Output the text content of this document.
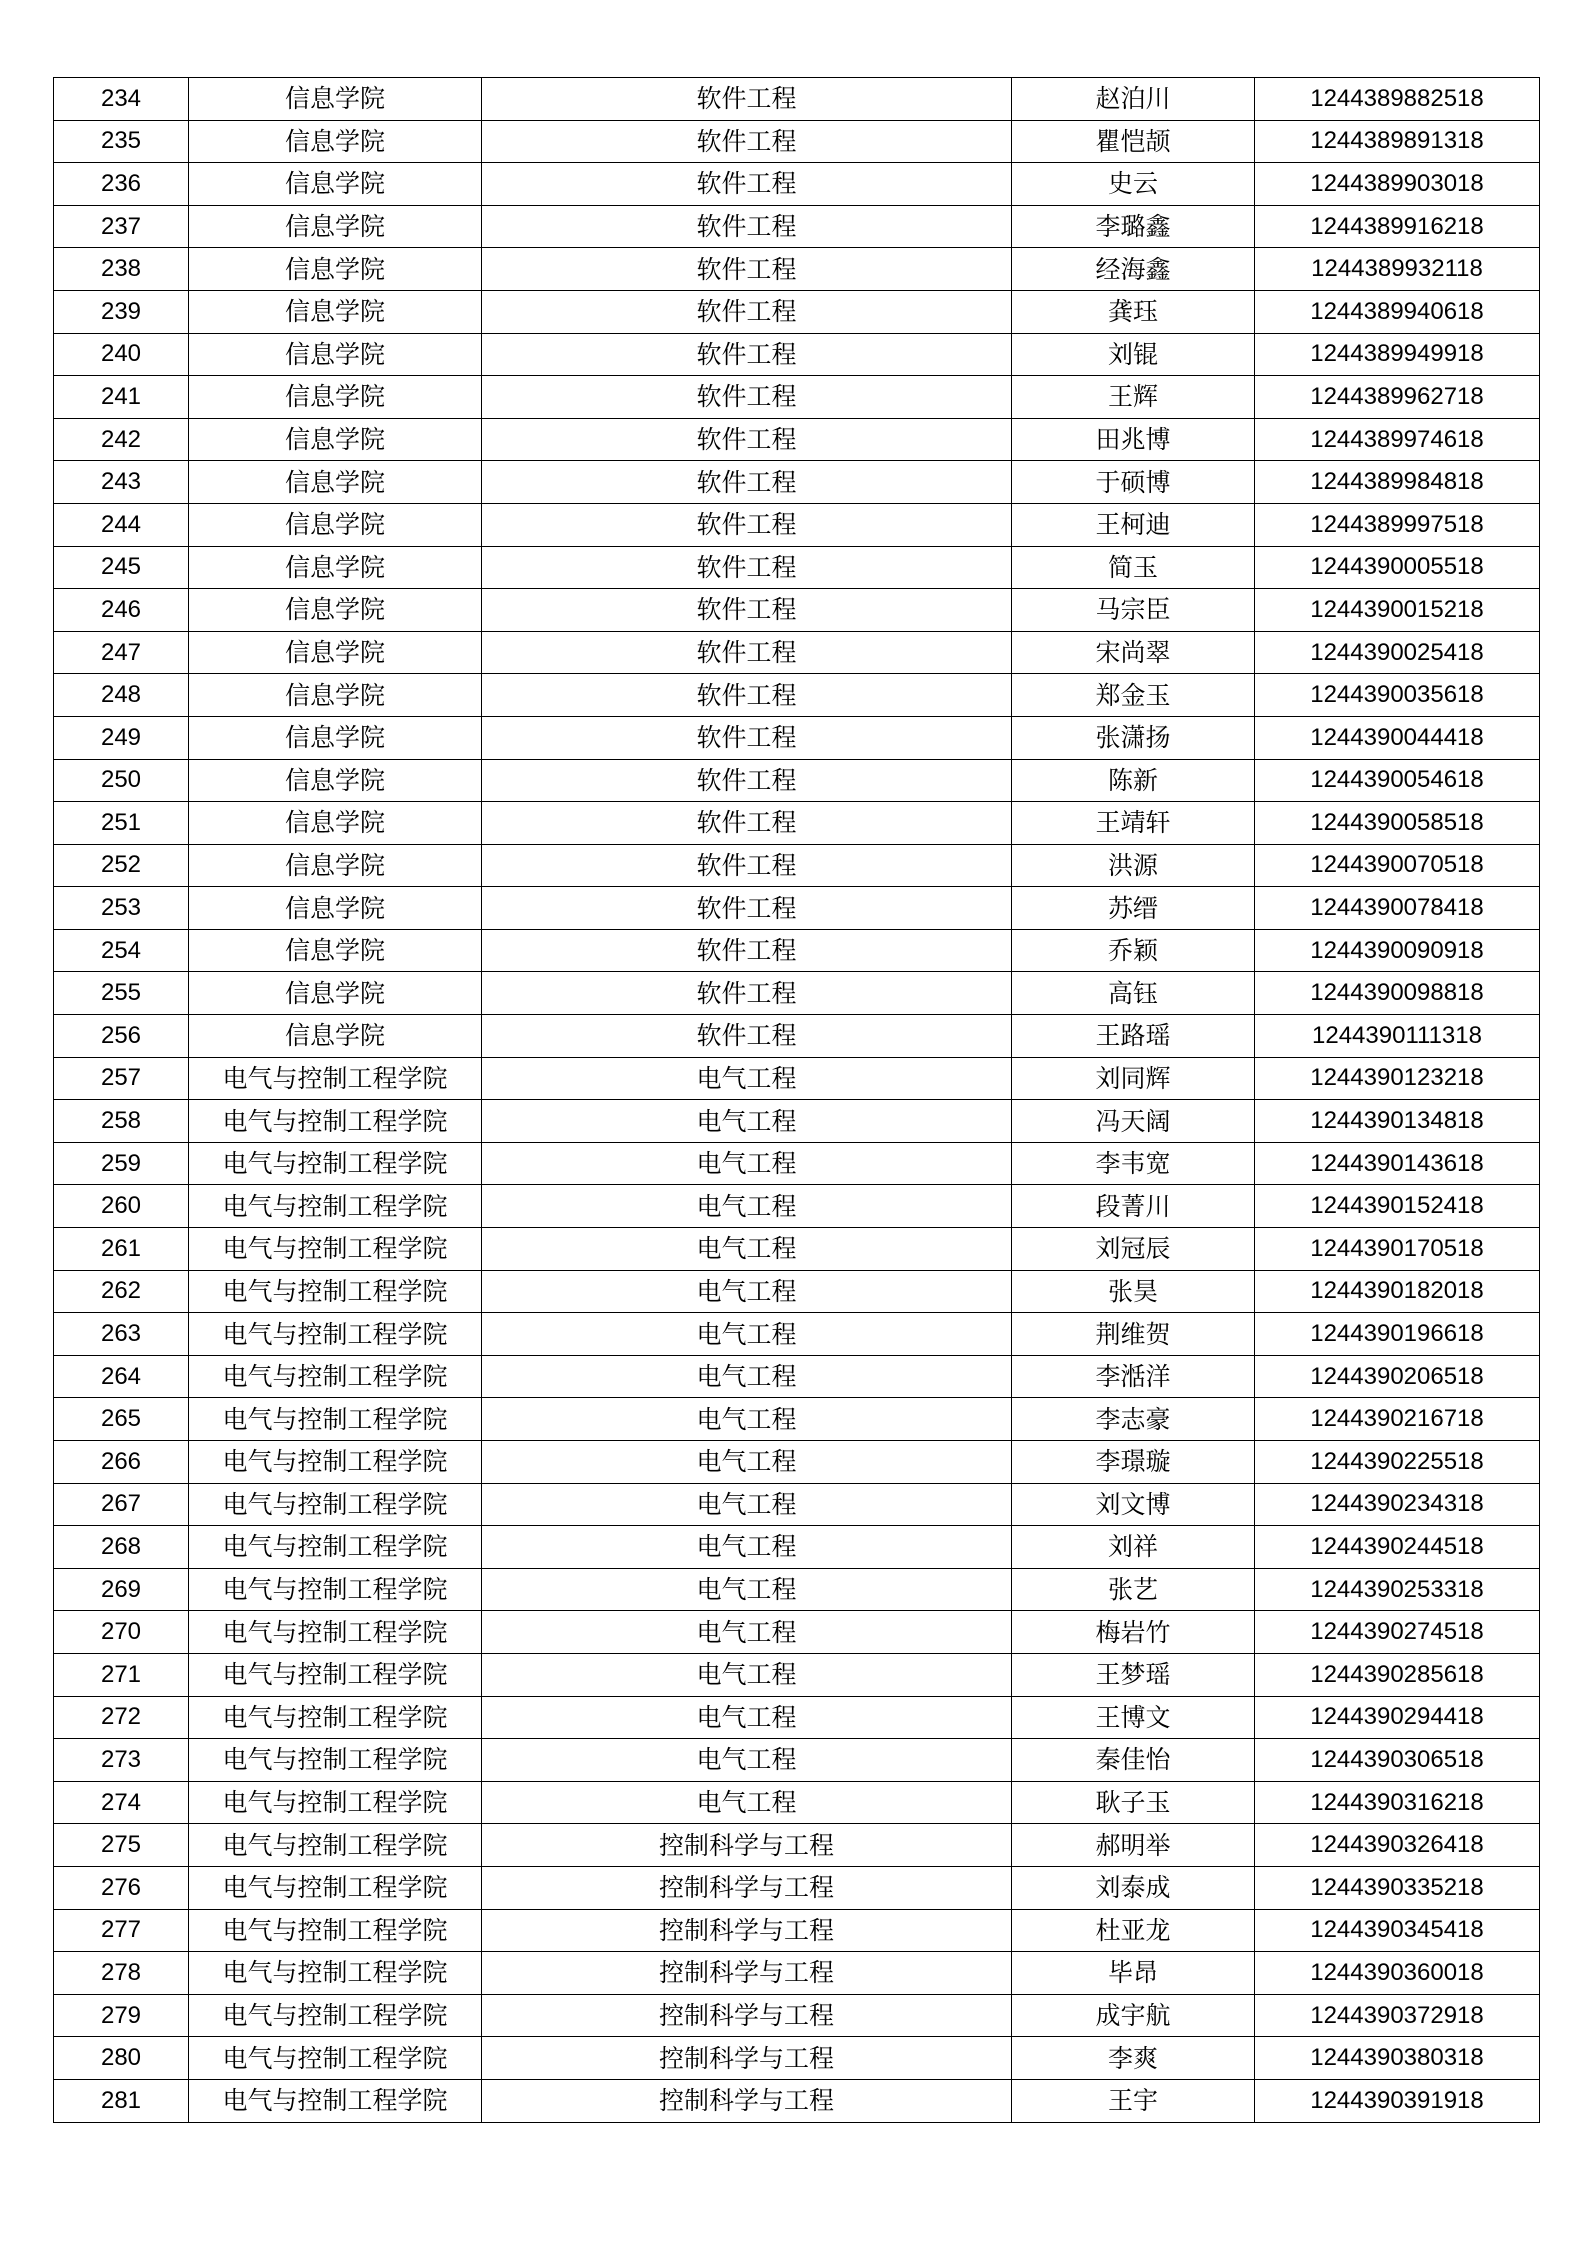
234	信息学院	软件工程	赵泊川	1244389882518
235	信息学院	软件工程	瞿恺颉	1244389891318
236	信息学院	软件工程	史云	1244389903018
237	信息学院	软件工程	李璐鑫	1244389916218
238	信息学院	软件工程	经海鑫	1244389932118
239	信息学院	软件工程	龚珏	1244389940618
240	信息学院	软件工程	刘锟	1244389949918
241	信息学院	软件工程	王辉	1244389962718
242	信息学院	软件工程	田兆博	1244389974618
243	信息学院	软件工程	于硕博	1244389984818
244	信息学院	软件工程	王柯迪	1244389997518
245	信息学院	软件工程	简玉	1244390005518
246	信息学院	软件工程	马宗臣	1244390015218
247	信息学院	软件工程	宋尚翠	1244390025418
248	信息学院	软件工程	郑金玉	1244390035618
249	信息学院	软件工程	张潇扬	1244390044418
250	信息学院	软件工程	陈新	1244390054618
251	信息学院	软件工程	王靖轩	1244390058518
252	信息学院	软件工程	洪源	1244390070518
253	信息学院	软件工程	苏缙	1244390078418
254	信息学院	软件工程	乔颖	1244390090918
255	信息学院	软件工程	高钰	1244390098818
256	信息学院	软件工程	王路瑶	1244390111318
257	电气与控制工程学院	电气工程	刘同辉	1244390123218
258	电气与控制工程学院	电气工程	冯天阔	1244390134818
259	电气与控制工程学院	电气工程	李韦宽	1244390143618
260	电气与控制工程学院	电气工程	段菁川	1244390152418
261	电气与控制工程学院	电气工程	刘冠辰	1244390170518
262	电气与控制工程学院	电气工程	张昊	1244390182018
263	电气与控制工程学院	电气工程	荆维贺	1244390196618
264	电气与控制工程学院	电气工程	李湉洋	1244390206518
265	电气与控制工程学院	电气工程	李志豪	1244390216718
266	电气与控制工程学院	电气工程	李璟璇	1244390225518
267	电气与控制工程学院	电气工程	刘文博	1244390234318
268	电气与控制工程学院	电气工程	刘祥	1244390244518
269	电气与控制工程学院	电气工程	张艺	1244390253318
270	电气与控制工程学院	电气工程	梅岩竹	1244390274518
271	电气与控制工程学院	电气工程	王梦瑶	1244390285618
272	电气与控制工程学院	电气工程	王博文	1244390294418
273	电气与控制工程学院	电气工程	秦佳怡	1244390306518
274	电气与控制工程学院	电气工程	耿子玉	1244390316218
275	电气与控制工程学院	控制科学与工程	郝明举	1244390326418
276	电气与控制工程学院	控制科学与工程	刘泰成	1244390335218
277	电气与控制工程学院	控制科学与工程	杜亚龙	1244390345418
278	电气与控制工程学院	控制科学与工程	毕昂	1244390360018
279	电气与控制工程学院	控制科学与工程	成宇航	1244390372918
280	电气与控制工程学院	控制科学与工程	李爽	1244390380318
281	电气与控制工程学院	控制科学与工程	王宇	1244390391918
